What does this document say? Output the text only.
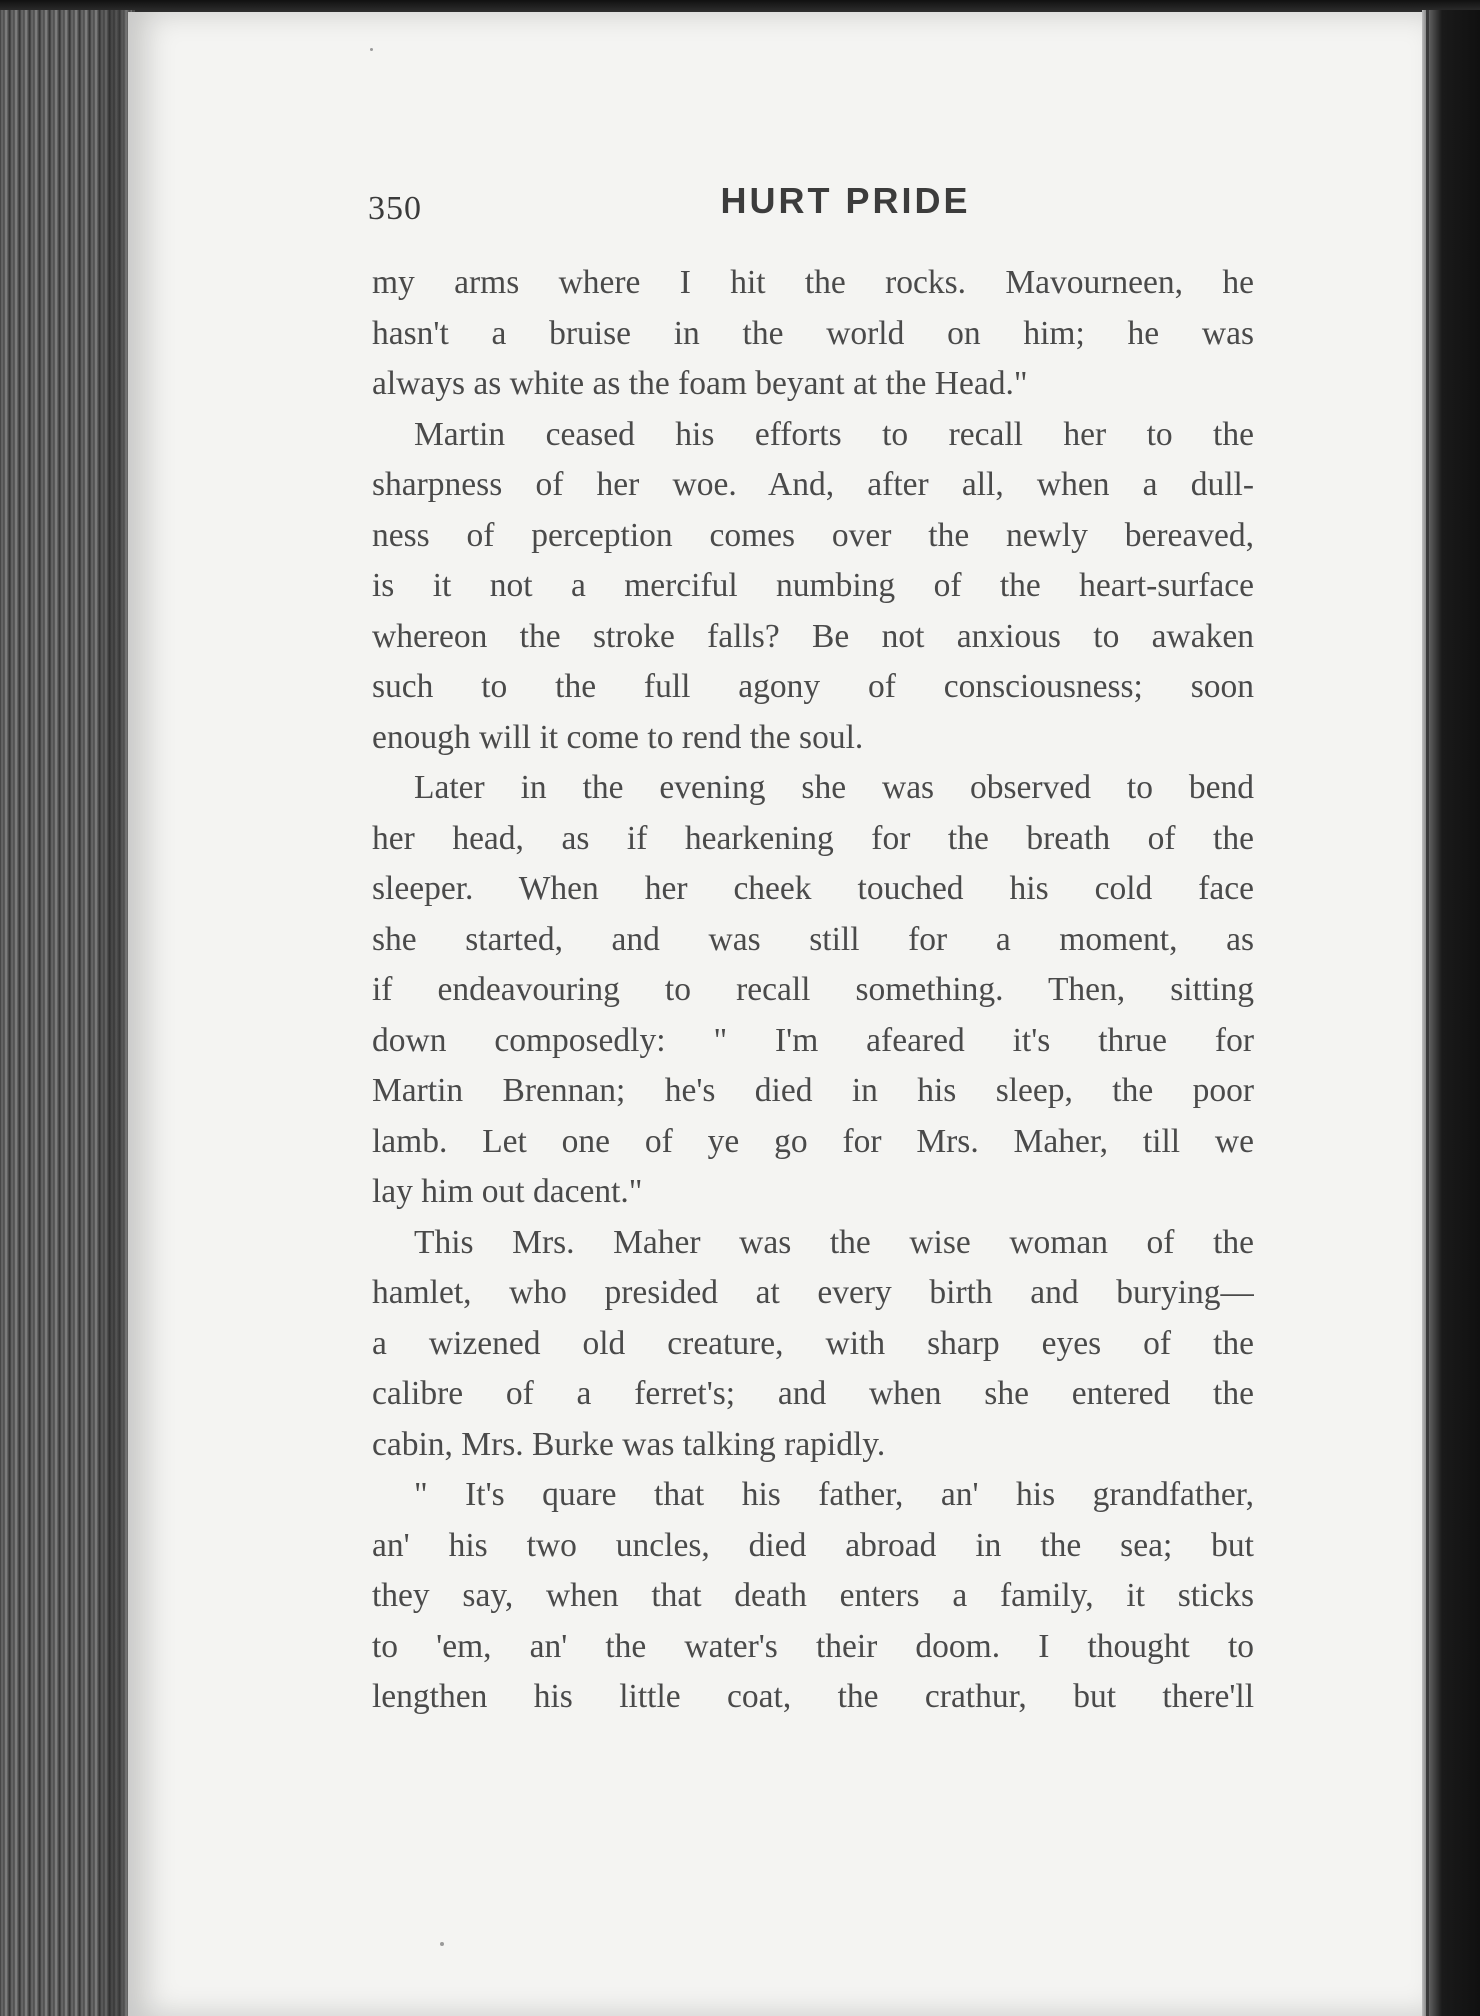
350	HURT PRIDE
my arms where I hit the rocks. Mavourneen, he
hasn't a bruise in the world on him; he was
always as white as the foam beyant at the Head."
Martin ceased his efforts to recall her to the
sharpness of her woe. And, after all, when a dull-
ness of perception comes over the newly bereaved,
is it not a merciful numbing of the heart-surface
whereon the stroke falls? Be not anxious to awaken
such to the full agony of consciousness; soon
enough will it come to rend the soul.
Later in the evening she was observed to bend
her head, as if hearkening for the breath of the
sleeper. When her cheek touched his cold face
she started, and was still for a moment, as
if endeavouring to recall something. Then, sitting
down composedly: " I'm afeared it's thrue for
Martin Brennan; he's died in his sleep, the poor
lamb. Let one of ye go for Mrs. Maher, till we
lay him out dacent."
This Mrs. Maher was the wise woman of the
hamlet, who presided at every birth and burying—
a wizened old creature, with sharp eyes of the
calibre of a ferret's; and when she entered the
cabin, Mrs. Burke was talking rapidly.
" It's quare that his father, an' his grandfather,
an' his two uncles, died abroad in the sea; but
they say, when that death enters a family, it sticks
to 'em, an' the water's their doom. I thought to
lengthen his little coat, the crathur, but there'll
